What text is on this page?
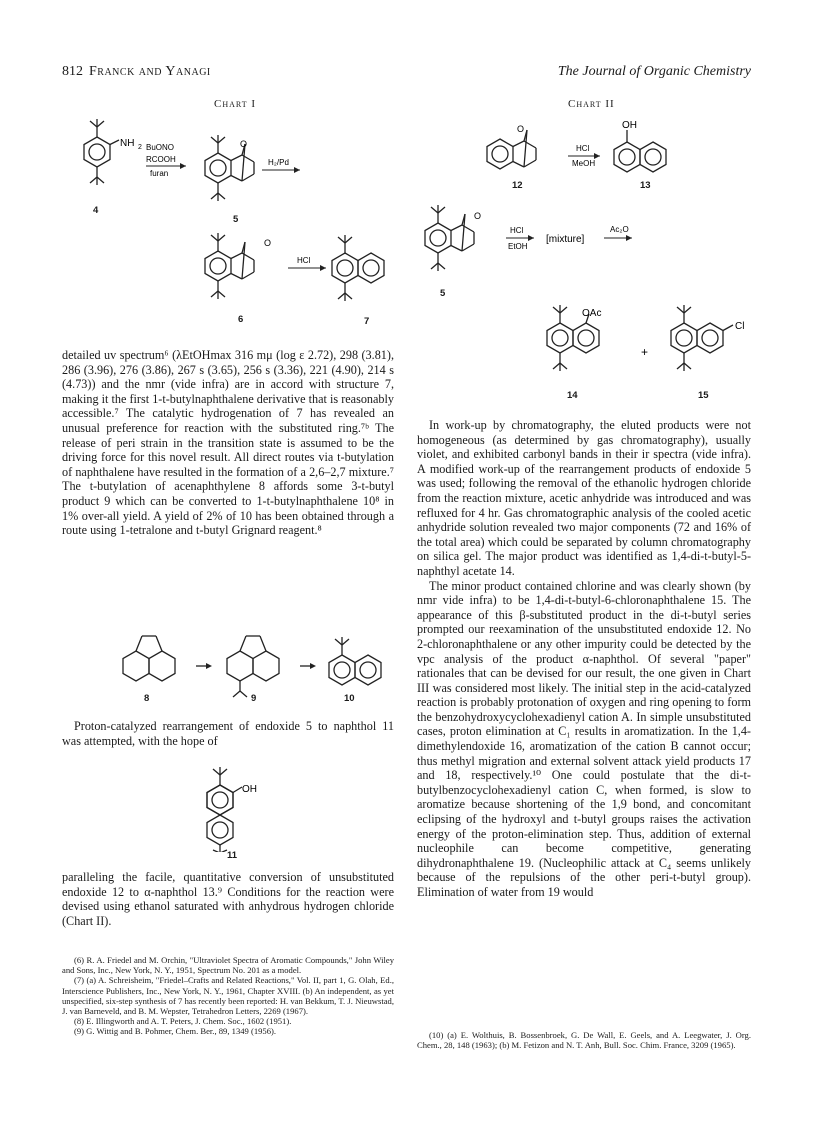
812 Franck and Yanagi	The Journal of Organic Chemistry
Chart I	Chart II
NH 2 BuONO
RCOOH
furan
O
H₂/Pd
O
HCl
O
HCl
MeOH
OH
O
HCl
EtOH
[mixture]
Ac₂O
OAc
+
Cl
4
5
6	7
12	13
5
14	15

detailed uv spectrum⁶ (λEtOHmax 316 mμ (log ε 2.72), 298 (3.81), 286 (3.96), 276 (3.86), 267 s (3.65), 256 s (3.36), 221 (4.90), 214 s (4.73)) and the nmr (vide infra) are in accord with structure 7, making it the first 1-t-butylnaphthalene derivative that is reasonably accessible.⁷ The catalytic hydrogenation of 7 has revealed an unusual preference for reaction with the substituted ring.⁷ᵇ The release of peri strain in the transition state is assumed to be the driving force for this novel result. All direct routes via t-butylation of naphthalene have resulted in the formation of a 2,6–2,7 mixture.⁷ The t-butylation of acenaphthylene 8 affords some 3-t-butyl product 9 which can be converted to 1-t-butylnaphthalene 10⁸ in 1% over-all yield. A yield of 2% of 10 has been obtained through a route using 1-tetralone and t-butyl Grignard reagent.⁸

8	9	10

Proton-catalyzed rearrangement of endoxide 5 to naphthol 11 was attempted, with the hope of

OH
11

paralleling the facile, quantitative conversion of unsubstituted endoxide 12 to α-naphthol 13.⁹ Conditions for the reaction were devised using ethanol saturated with anhydrous hydrogen chloride (Chart II).

(6) R. A. Friedel and M. Orchin, "Ultraviolet Spectra of Aromatic Compounds," John Wiley and Sons, Inc., New York, N. Y., 1951, Spectrum No. 201 as a model.

(7) (a) A. Schreisheim, "Friedel–Crafts and Related Reactions," Vol. II, part 1, G. Olah, Ed., Interscience Publishers, Inc., New York, N. Y., 1961, Chapter XVIII. (b) An independent, as yet unspecified, six-step synthesis of 7 has recently been reported: H. van Bekkum, T. J. Nieuwstad, J. van Barneveld, and B. M. Wepster, Tetrahedron Letters, 2269 (1967).

(8) E. Illingworth and A. T. Peters, J. Chem. Soc., 1602 (1951).

(9) G. Wittig and B. Pohmer, Chem. Ber., 89, 1349 (1956).

In work-up by chromatography, the eluted products were not homogeneous (as determined by gas chromatography), usually violet, and exhibited carbonyl bands in their ir spectra (vide infra). A modified work-up of the rearrangement products of endoxide 5 was used; following the removal of the ethanolic hydrogen chloride from the reaction mixture, acetic anhydride was introduced and was refluxed for 4 hr. Gas chromatographic analysis of the cooled acetic anhydride solution revealed two major components (72 and 16% of the total area) which could be separated by column chromatography on silica gel. The major product was identified as 1,4-di-t-butyl-5-naphthyl acetate 14.

The minor product contained chlorine and was clearly shown (by nmr vide infra) to be 1,4-di-t-butyl-6-chloronaphthalene 15. The appearance of this β-substituted product in the di-t-butyl series prompted our reexamination of the unsubstituted endoxide 12. No 2-chloronaphthalene or any other impurity could be detected by the vpc analysis of the product α-naphthol. Of several "paper" rationales that can be devised for our result, the one given in Chart III was considered most likely. The initial step in the acid-catalyzed reaction is probably protonation of oxygen and ring opening to form the benzohydroxycyclohexadienyl cation A. In simple unsubstituted cases, proton elimination at C₁ results in aromatization. In the 1,4-dimethylendoxide 16, aromatization of the cation B cannot occur; thus methyl migration and external solvent attack yield products 17 and 18, respectively.¹⁰ One could postulate that the di-t-butylbenzocyclohexadienyl cation C, when formed, is slow to aromatize because shortening of the 1,9 bond, and concomitant eclipsing of the hydroxyl and t-butyl groups raises the activation energy of the proton-elimination step. Thus, addition of external nucleophile can become competitive, generating dihydronaphthalene 19. (Nucleophilic attack at C₄ seems unlikely because of the repulsions of the other peri-t-butyl group). Elimination of water from 19 would

(10) (a) E. Wolthuis, B. Bossenbroek, G. De Wall, E. Geels, and A. Leegwater, J. Org. Chem., 28, 148 (1963); (b) M. Fetizon and N. T. Anh, Bull. Soc. Chim. France, 3209 (1965).
